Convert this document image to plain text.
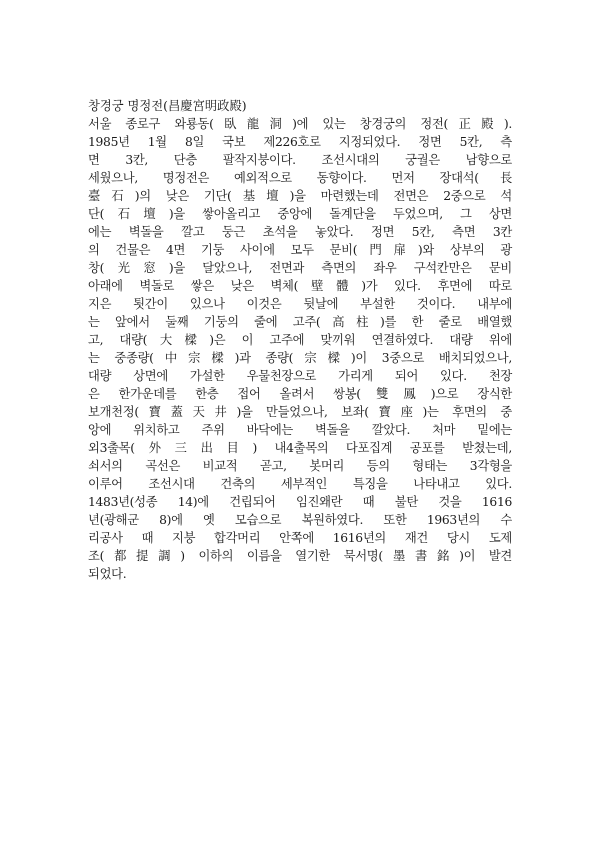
창경궁 명정전(昌慶宮明政殿)
서울 종로구 와룡동(臥龍洞)에 있는 창경궁의 정전(正殿).
1985년 1월 8일 국보 제226호로 지정되었다. 정면 5칸, 측
면 3칸, 단층 팔작지붕이다. 조선시대의 궁궐은 남향으로
세웠으나, 명정전은 예외적으로 동향이다. 먼저 장대석(長
臺石)의 낮은 기단(基壇)을 마련했는데 전면은 2중으로 석
단(石壇)을 쌓아올리고 중앙에 돌계단을 두었으며, 그 상면
에는 벽돌을 깔고 둥근 초석을 놓았다. 정면 5칸, 측면 3칸
의 건물은 4면 기둥 사이에 모두 문비(門扉)와 상부의 광
창(光窓)을 달았으나, 전면과 측면의 좌우 구석칸만은 문비
아래에 벽돌로 쌓은 낮은 벽체(壁體)가 있다. 후면에 따로
지은 툇간이 있으나 이것은 뒷날에 부설한 것이다. 내부에
는 앞에서 둘째 기둥의 줄에 고주(高柱)를 한 줄로 배열했
고, 대량(大樑)은 이 고주에 맞끼워 연결하였다. 대량 위에
는 중종량(中宗樑)과 종량(宗樑)이 3중으로 배치되었으나,
대량 상면에 가설한 우물천장으로 가리게 되어 있다. 천장
은 한가운데를 한층 접어 올려서 쌍봉(雙鳳)으로 장식한
보개천정(寶蓋天井)을 만들었으나, 보좌(寶座)는 후면의 중
앙에 위치하고 주위 바닥에는 벽돌을 깔았다. 처마 밑에는
외3출목(外三出目) 내4출목의 다포집계 공포를 받쳤는데,
쇠서의 곡선은 비교적 곧고, 봇머리 등의 형태는 3각형을
이루어 조선시대 건축의 세부적인 특징을 나타내고 있다.
1483년(성종 14)에 건립되어 임진왜란 때 불탄 것을 1616
년(광해군 8)에 옛 모습으로 복원하였다. 또한 1963년의 수
리공사 때 지붕 합각머리 안쪽에 1616년의 재건 당시 도제
조(都提調) 이하의 이름을 열기한 묵서명(墨書銘)이 발견
되었다.
